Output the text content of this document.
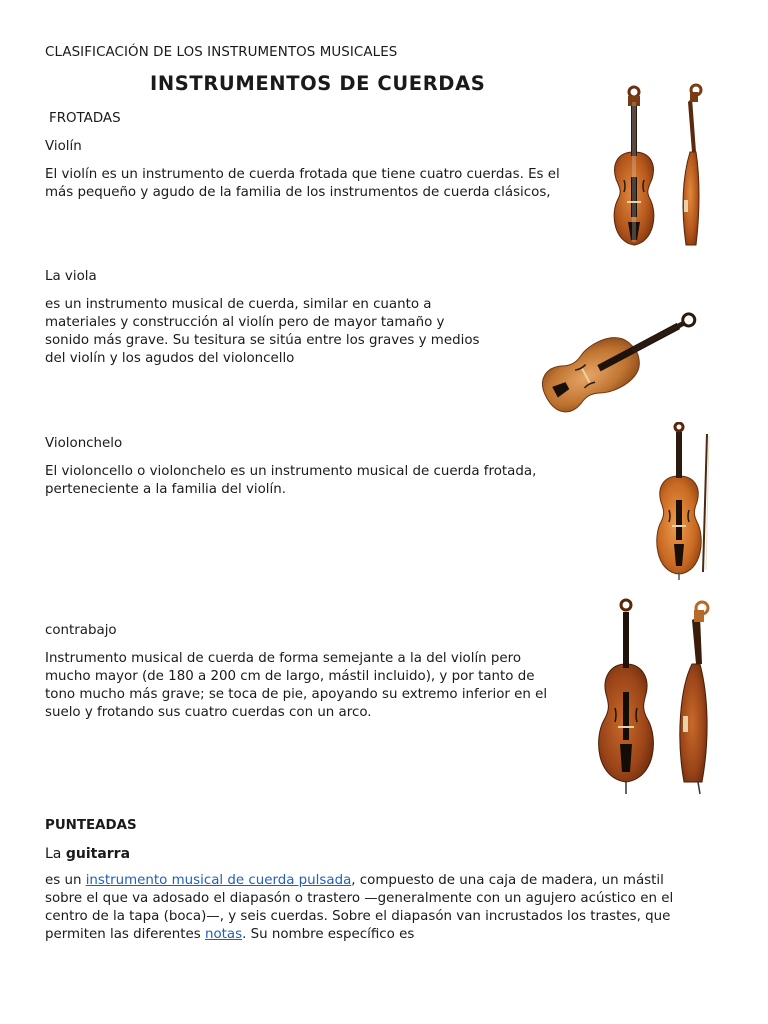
CLASIFICACIÓN DE LOS INSTRUMENTOS MUSICALES
INSTRUMENTOS DE CUERDAS
FROTADAS
Violín
El violín es un instrumento de cuerda frotada que tiene cuatro cuerdas. Es el
más pequeño y agudo de la familia de los instrumentos de cuerda clásicos,
La viola
es un instrumento musical de cuerda, similar en cuanto a
materiales y construcción al violín pero de mayor tamaño y
sonido más grave. Su tesitura se sitúa entre los graves y medios
del violín y los agudos del violoncello
Violonchelo
El violoncello o violonchelo es un instrumento musical de cuerda frotada,
perteneciente a la familia del violín.
contrabajo
Instrumento musical de cuerda de forma semejante a la del violín pero
mucho mayor (de 180 a 200 cm de largo, mástil incluido), y por tanto de
tono mucho más grave; se toca de pie, apoyando su extremo inferior en el
suelo y frotando sus cuatro cuerdas con un arco.
PUNTEADAS
La guitarra
es un instrumento musical de cuerda pulsada, compuesto de una caja de madera, un mástil
sobre el que va adosado el diapasón o trastero —generalmente con un agujero acústico en el
centro de la tapa (boca)—, y seis cuerdas. Sobre el diapasón van incrustados los trastes, que
permiten las diferentes notas. Su nombre específico es
